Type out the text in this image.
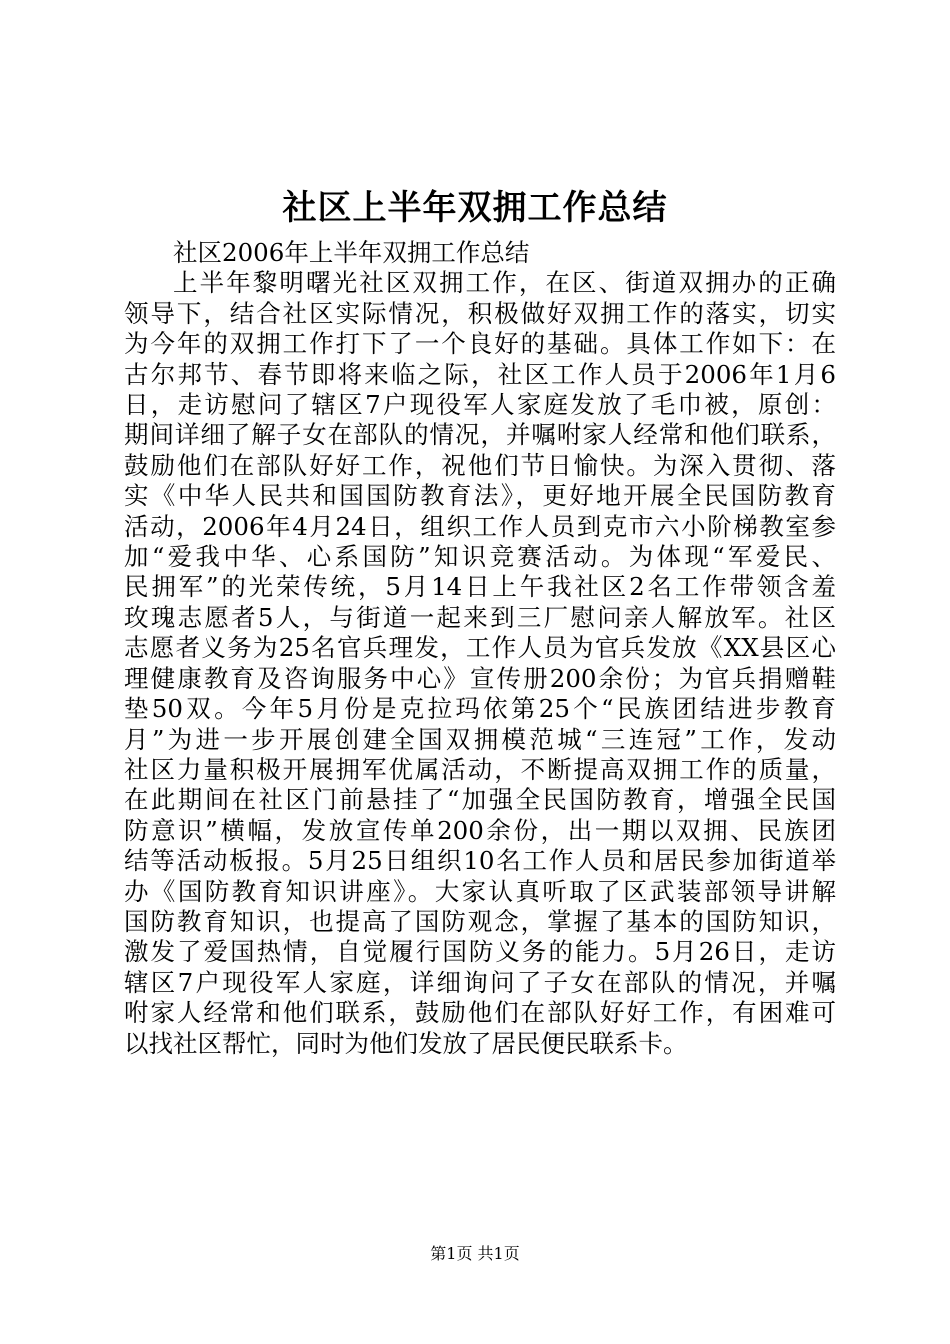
社区上半年双拥工作总结
社区2006年上半年双拥工作总结
上半年黎明曙光社区双拥工作，在区、街道双拥办的正确
领导下，结合社区实际情况，积极做好双拥工作的落实，切实
为今年的双拥工作打下了一个良好的基础。具体工作如下：在
古尔邦节、春节即将来临之际，社区工作人员于2006年1月6
日，走访慰问了辖区7户现役军人家庭发放了毛巾被，原创：
期间详细了解子女在部队的情况，并嘱咐家人经常和他们联系，
鼓励他们在部队好好工作，祝他们节日愉快。为深入贯彻、落
实《中华人民共和国国防教育法》，更好地开展全民国防教育
活动，2006年4月24日，组织工作人员到克市六小阶梯教室参
加“爱我中华、心系国防”知识竞赛活动。为体现“军爱民、
民拥军”的光荣传统，5月14日上午我社区2名工作带领含羞
玫瑰志愿者5人，与街道一起来到三厂慰问亲人解放军。社区
志愿者义务为25名官兵理发，工作人员为官兵发放《XX县区心
理健康教育及咨询服务中心》宣传册200余份；为官兵捐赠鞋
垫50双。今年5月份是克拉玛依第25个“民族团结进步教育
月”为进一步开展创建全国双拥模范城“三连冠”工作，发动
社区力量积极开展拥军优属活动，不断提高双拥工作的质量，
在此期间在社区门前悬挂了“加强全民国防教育，增强全民国
防意识”横幅，发放宣传单200余份，出一期以双拥、民族团
结等活动板报。5月25日组织10名工作人员和居民参加街道举
办《国防教育知识讲座》。大家认真听取了区武装部领导讲解
国防教育知识，也提高了国防观念，掌握了基本的国防知识，
激发了爱国热情，自觉履行国防义务的能力。5月26日，走访
辖区7户现役军人家庭，详细询问了子女在部队的情况，并嘱
咐家人经常和他们联系，鼓励他们在部队好好工作，有困难可
以找社区帮忙，同时为他们发放了居民便民联系卡。
第1页 共1页
